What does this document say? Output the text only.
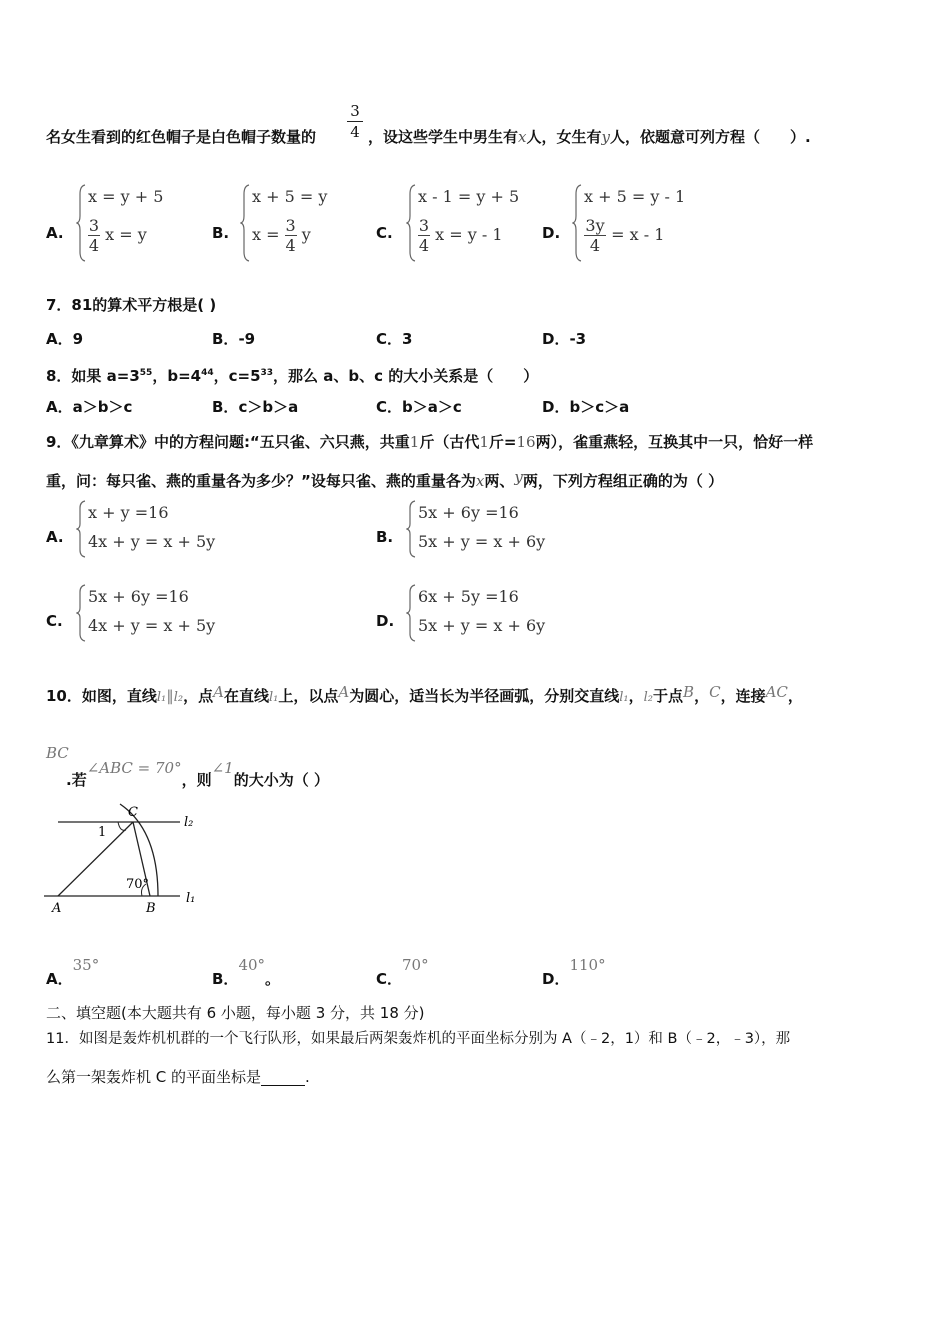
名女生看到的红色帽子是白色帽子数量的
3
4 ，设这些学生中男生有x人，女生有y人，依题意可列方程（　　）.
A.
x = y + 5
$\frac{3}{4}$ x = y	B.
x + 5 = y
$x = \frac{3}{4}$ y	C.
x - 1 = y + 5
$\frac{3}{4}$ x = y - 1	D.
x + 5 = y - 1
$\frac{3y}{4} = x - 1$
7．81的算术平方根是( )
A．9	B．-9	C．3	D．-3
8．如果 $a=3^{55}$，$b=4^{44}$，$c=5^{33}$，那么 a、b、c 的大小关系是（　　）
A．a＞b＞c	B．c＞b＞a	C．b＞a＞c	D．b＞c＞a
9．《九章算术》中的方程问题:“五只雀、六只燕，共重1斤（古代1斤=16两），雀重燕轻，互换其中一只，恰好一样
重，问：每只雀、燕的重量各为多少？”设每只雀、燕的重量各为x两、y两，下列方程组正确的为（ ）
A.
x + y =16
4x + y = x + 5y	B.
5x + 6y =16
5x + y = x + 6y
C.
5x + 6y =16
4x + y = x + 5y	D.
6x + 5y =16
5x + y = x + 6y
10．如图，直线l₁∥l₂，点A在直线l₁上，以点A为圆心，适当长为半径画弧，分别交直线l₁，l₂于点B，C，连接AC，
BC
.若∠ABC = 70°，则∠1的大小为（ ）
C
1
l₂
70°
l₁
A	B
A．35°
B．40°。	C．70°
D．110°
二、填空题(本大题共有 6 小题，每小题 3 分，共 18 分)
11．如图是轰炸机机群的一个飞行队形，如果最后两架轰炸机的平面坐标分别为 A（﹣2，1）和 B（﹣2，﹣3），那
么第一架轰炸机 C 的平面坐标是	.
